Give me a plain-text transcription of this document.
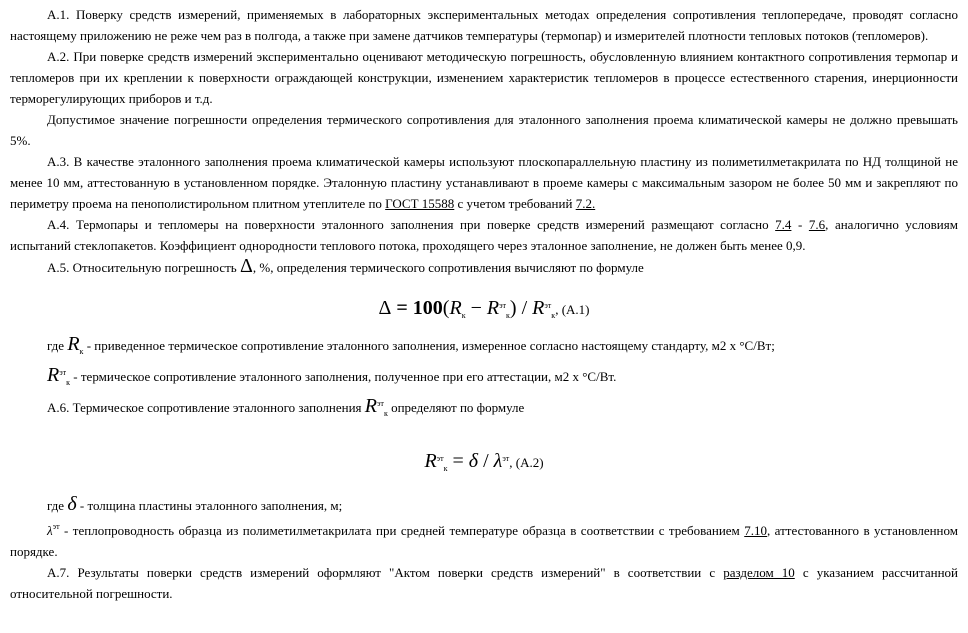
А.1. Поверку средств измерений, применяемых в лабораторных экспериментальных методах определения сопротивления теплопередаче, проводят согласно настоящему приложению не реже чем раз в полгода, а также при замене датчиков температуры (термопар) и измерителей плотности тепловых потоков (тепломеров).

А.2. При поверке средств измерений экспериментально оценивают методическую погрешность, обусловленную влиянием контактного сопротивления термопар и тепломеров при их креплении к поверхности ограждающей конструкции, изменением характеристик тепломеров в процессе естественного старения, инерционности терморегулирующих приборов и т.д.

Допустимое значение погрешности определения термического сопротивления для эталонного заполнения проема климатической камеры не должно превышать 5%.

А.3. В качестве эталонного заполнения проема климатической камеры используют плоскопараллельную пластину из полиметилметакрилата по НД толщиной не менее 10 мм, аттестованную в установленном порядке. Эталонную пластину устанавливают в проеме камеры с максимальным зазором не более 50 мм и закрепляют по периметру проема на пенополистирольном плитном утеплителе по ГОСТ 15588 с учетом требований 7.2.

А.4. Термопары и тепломеры на поверхности эталонного заполнения при поверке средств измерений размещают согласно 7.4 - 7.6, аналогично условиям испытаний стеклопакетов. Коэффициент однородности теплового потока, проходящего через эталонное заполнение, не должен быть менее 0,9.

А.5. Относительную погрешность Δ, %, определения термического сопротивления вычисляют по формуле

$\Delta = 100(R_к - R^{эт}_к) / R^{эт}_к$, (А.1)

где $R_к$ - приведенное термическое сопротивление эталонного заполнения, измеренное согласно настоящему стандарту, м2 х °С/Вт;

$R^{эт}_к$ - термическое сопротивление эталонного заполнения, полученное при его аттестации, м2 х °С/Вт.

А.6. Термическое сопротивление эталонного заполнения $R^{эт}_к$ определяют по формуле

$R^{эт}_к = \delta / \lambda^{эт}$, (А.2)

где δ - толщина пластины эталонного заполнения, м;

$\lambda^{эт}$ - теплопроводность образца из полиметилметакрилата при средней температуре образца в соответствии с требованием 7.10, аттестованного в установленном порядке.

А.7. Результаты поверки средств измерений оформляют "Актом поверки средств измерений" в соответствии с разделом 10 с указанием рассчитанной относительной погрешности.
